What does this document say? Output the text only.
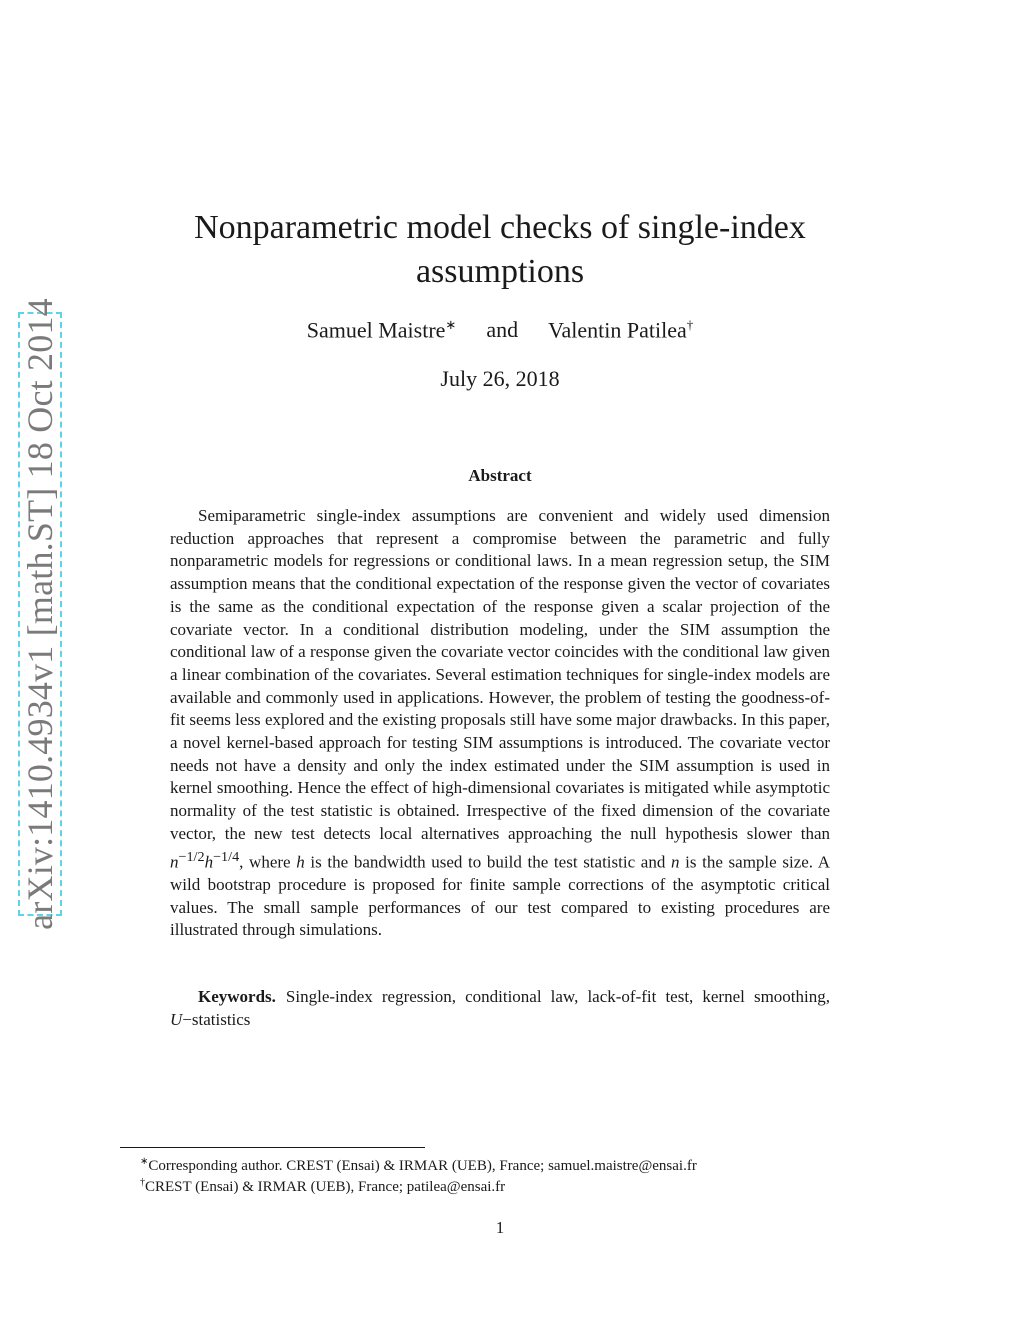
arXiv:1410.4934v1 [math.ST] 18 Oct 2014
Nonparametric model checks of single-index assumptions
Samuel Maistre∗ and Valentin Patilea†
July 26, 2018
Abstract

Semiparametric single-index assumptions are convenient and widely used dimension reduction approaches that represent a compromise between the parametric and fully nonparametric models for regressions or conditional laws. In a mean regression setup, the SIM assumption means that the conditional expectation of the response given the vector of covariates is the same as the conditional expectation of the response given a scalar projection of the covariate vector. In a conditional distribution modeling, under the SIM assumption the conditional law of a response given the covariate vector coincides with the conditional law given a linear combination of the covariates. Several estimation techniques for single-index models are available and commonly used in applications. However, the problem of testing the goodness-of-fit seems less explored and the existing proposals still have some major drawbacks. In this paper, a novel kernel-based approach for testing SIM assumptions is introduced. The covariate vector needs not have a density and only the index estimated under the SIM assumption is used in kernel smoothing. Hence the effect of high-dimensional covariates is mitigated while asymptotic normality of the test statistic is obtained. Irrespective of the fixed dimension of the covariate vector, the new test detects local alternatives approaching the null hypothesis slower than $n^{-1/2}h^{-1/4}$, where h is the bandwidth used to build the test statistic and n is the sample size. A wild bootstrap procedure is proposed for finite sample corrections of the asymptotic critical values. The small sample performances of our test compared to existing procedures are illustrated through simulations.

Keywords. Single-index regression, conditional law, lack-of-fit test, kernel smoothing, U−statistics

∗Corresponding author. CREST (Ensai) & IRMAR (UEB), France; samuel.maistre@ensai.fr
†CREST (Ensai) & IRMAR (UEB), France; patilea@ensai.fr
1
